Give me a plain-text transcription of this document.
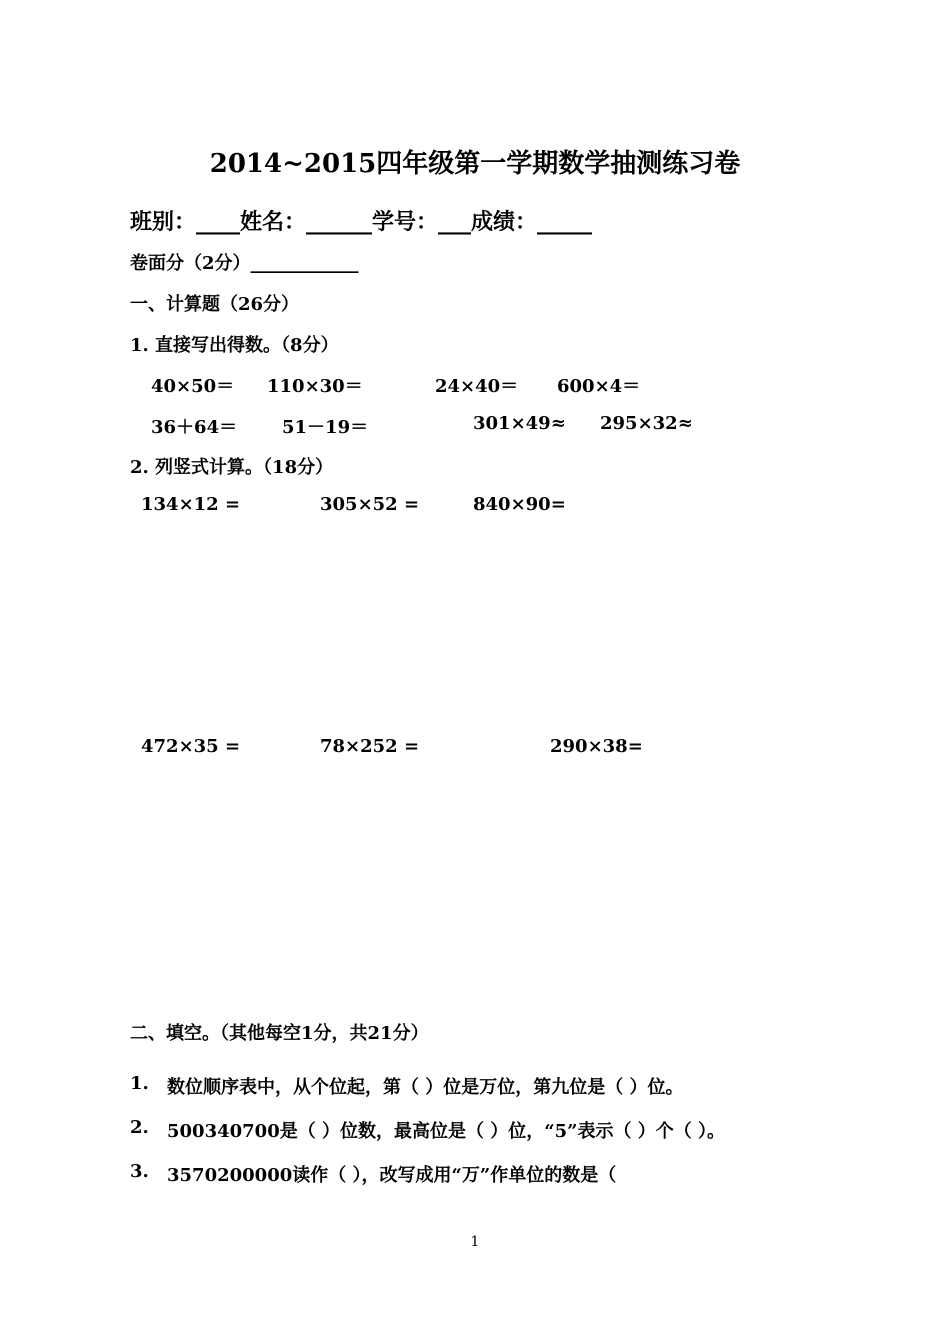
2014~2015四年级第一学期数学抽测练习卷
班别：____姓名：______学号：___成绩：_____
卷面分（2分）____________
一、计算题（26分）
1. 直接写出得数。（8分）
40×50＝ 110×30＝	24×40＝ 600×4＝
36＋64＝ 51－19＝	301×49≈ 295×32≈
2. 列竖式计算。（18分）
134×12 =	305×52 =	840×90=
472×35 =	78×252 =	290×38=
二、填空。（其他每空1分，共21分）
1. 数位顺序表中，从个位起，第（ ）位是万位，第九位是（ ）位。
2. 500340700是（ ）位数，最高位是（ ）位，“5”表示（ ）个（ ）。
3. 3570200000读作（ ），改写成用“万”作单位的数是（
1
